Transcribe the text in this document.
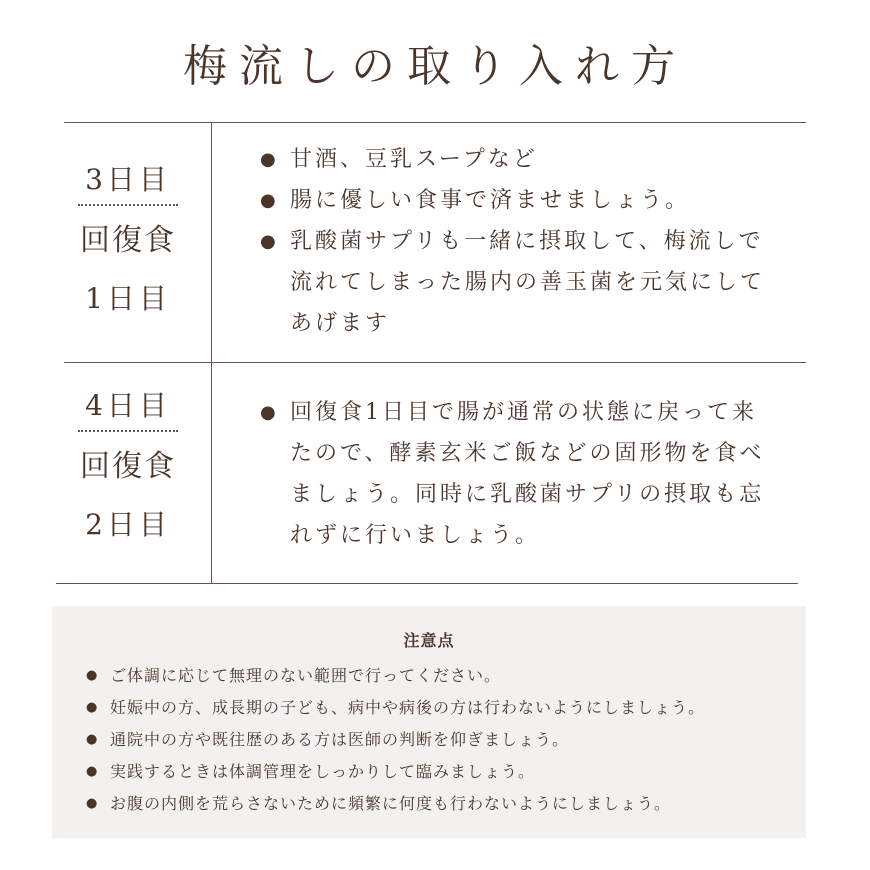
梅流しの取り入れ方
3日目
回復食
1日目
● 甘酒、豆乳スープなど
● 腸に優しい食事で済ませましょう。
● 乳酸菌サプリも一緒に摂取して、梅流しで流れてしまった腸内の善玉菌を元気にしてあげます
4日目
回復食
2日目
● 回復食1日目で腸が通常の状態に戻って来たので、酵素玄米ご飯などの固形物を食べましょう。同時に乳酸菌サプリの摂取も忘れずに行いましょう。
注意点
● ご体調に応じて無理のない範囲で行ってください。
● 妊娠中の方、成長期の子ども、病中や病後の方は行わないようにしましょう。
● 通院中の方や既往歴のある方は医師の判断を仰ぎましょう。
● 実践するときは体調管理をしっかりして臨みましょう。
● お腹の内側を荒らさないために頻繁に何度も行わないようにしましょう。
